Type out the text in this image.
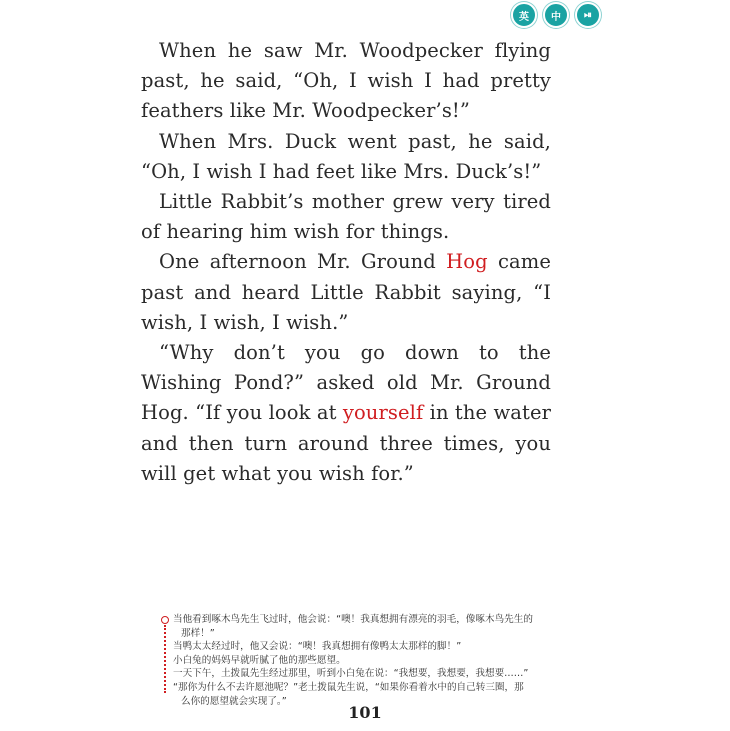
英	中	⏯

When he saw Mr. Woodpecker flying past, he said, “Oh, I wish I had pretty feathers like Mr. Woodpecker’s!”

When Mrs. Duck went past, he said, “Oh, I wish I had feet like Mrs. Duck’s!”

Little Rabbit’s mother grew very tired of hearing him wish for things.

One afternoon Mr. Ground Hog came past and heard Little Rabbit saying, “I wish, I wish, I wish.”

“Why don’t you go down to the Wishing Pond?” asked old Mr. Ground Hog. “If you look at yourself in the water and then turn around three times, you will get what you wish for.”

当他看到啄木鸟先生飞过时，他会说：“噢！我真想拥有漂亮的羽毛，像啄木鸟先生的
那样！”
当鸭太太经过时，他又会说：“噢！我真想拥有像鸭太太那样的脚！”
小白兔的妈妈早就听腻了他的那些愿望。
一天下午，土拨鼠先生经过那里，听到小白兔在说：“我想要，我想要，我想要……”
“那你为什么不去许愿池呢？”老土拨鼠先生说，“如果你看着水中的自己转三圈，那
么你的愿望就会实现了。”
101
